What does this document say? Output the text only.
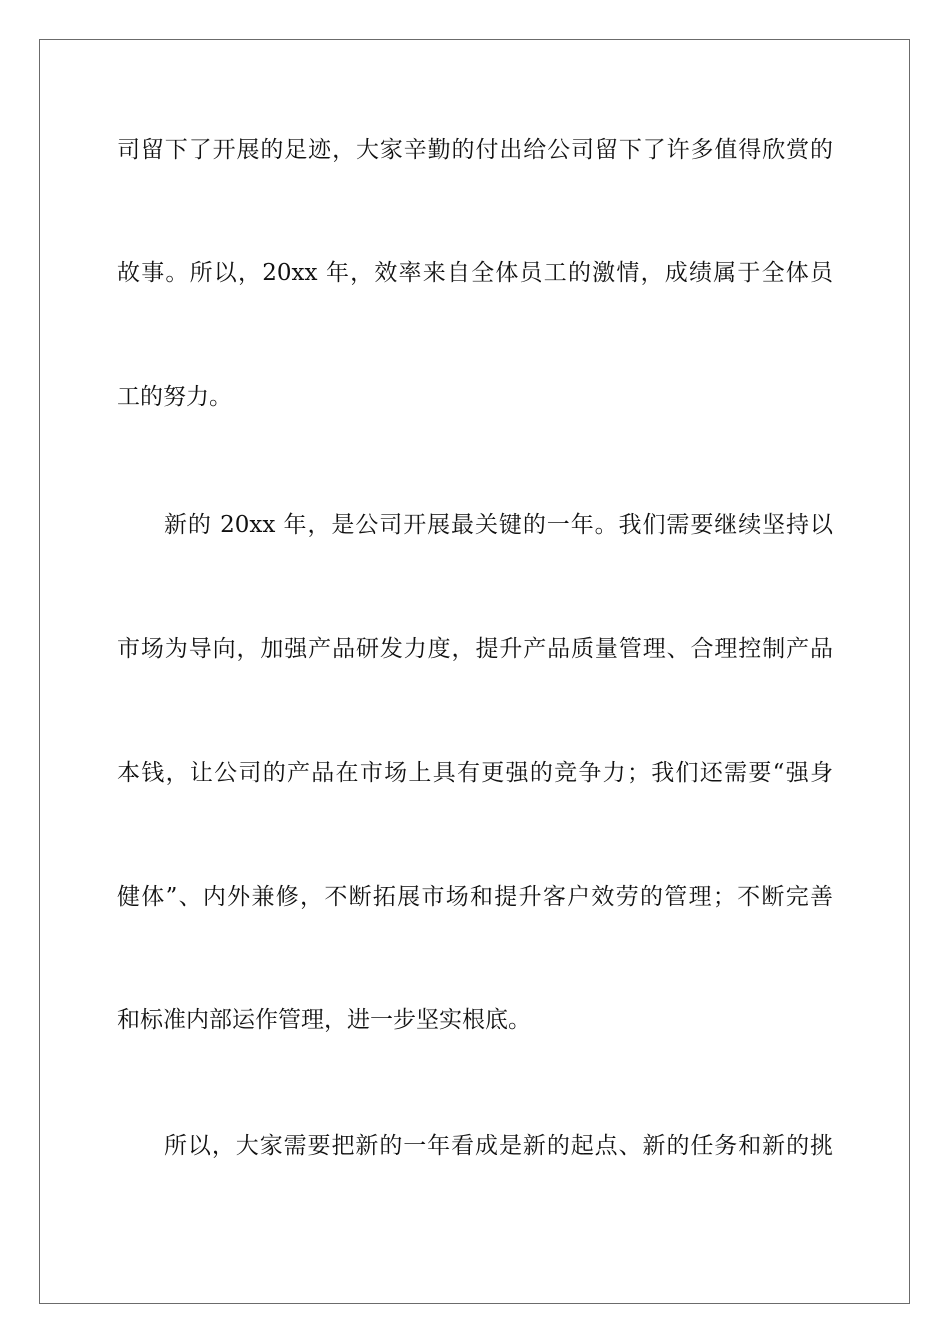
司留下了开展的足迹，大家辛勤的付出给公司留下了许多值得欣赏的
故事。所以，20xx 年，效率来自全体员工的激情，成绩属于全体员
工的努力。
新的 20xx 年，是公司开展最关键的一年。我们需要继续坚持以
市场为导向，加强产品研发力度，提升产品质量管理、合理控制产品
本钱，让公司的产品在市场上具有更强的竞争力；我们还需要“强身
健体”、内外兼修，不断拓展市场和提升客户效劳的管理；不断完善
和标准内部运作管理，进一步坚实根底。
所以，大家需要把新的一年看成是新的起点、新的任务和新的挑
